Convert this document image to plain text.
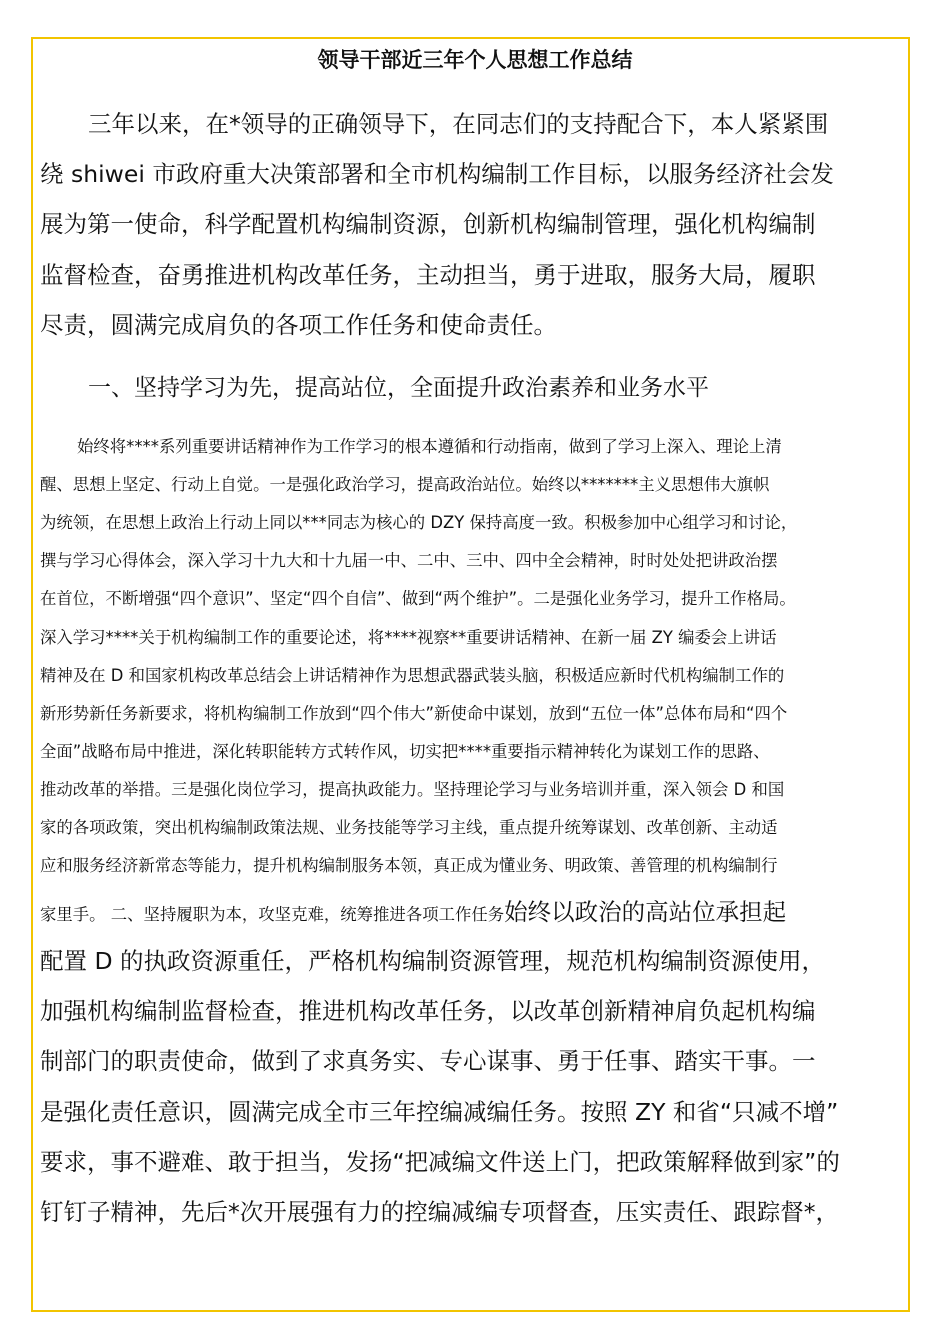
领导干部近三年个人思想工作总结
三年以来，在*领导的正确领导下，在同志们的支持配合下，本人紧紧围
绕 shiwei 市政府重大决策部署和全市机构编制工作目标，以服务经济社会发
展为第一使命，科学配置机构编制资源，创新机构编制管理，强化机构编制
监督检查，奋勇推进机构改革任务，主动担当，勇于进取，服务大局，履职
尽责，圆满完成肩负的各项工作任务和使命责任。
一、坚持学习为先，提高站位，全面提升政治素养和业务水平
始终将****系列重要讲话精神作为工作学习的根本遵循和行动指南，做到了学习上深入、理论上清
醒、思想上坚定、行动上自觉。一是强化政治学习，提高政治站位。始终以*******主义思想伟大旗帜
为统领，在思想上政治上行动上同以***同志为核心的 DZY 保持高度一致。积极参加中心组学习和讨论，
撰与学习心得体会，深入学习十九大和十九届一中、二中、三中、四中全会精神，时时处处把讲政治摆
在首位，不断增强“四个意识”、坚定“四个自信”、做到“两个维护”。二是强化业务学习，提升工作格局。
深入学习****关于机构编制工作的重要论述，将****视察**重要讲话精神、在新一届 ZY 编委会上讲话
精神及在 D 和国家机构改革总结会上讲话精神作为思想武器武装头脑，积极适应新时代机构编制工作的
新形势新任务新要求，将机构编制工作放到“四个伟大”新使命中谋划，放到“五位一体”总体布局和“四个
全面”战略布局中推进，深化转职能转方式转作风，切实把****重要指示精神转化为谋划工作的思路、
推动改革的举措。三是强化岗位学习，提高执政能力。坚持理论学习与业务培训并重，深入领会 D 和国
家的各项政策，突出机构编制政策法规、业务技能等学习主线，重点提升统筹谋划、改革创新、主动适
应和服务经济新常态等能力，提升机构编制服务本领，真正成为懂业务、明政策、善管理的机构编制行
家里手。 二、坚持履职为本，攻坚克难，统筹推进各项工作任务始终以政治的高站位承担起
配置 D 的执政资源重任，严格机构编制资源管理，规范机构编制资源使用，
加强机构编制监督检查，推进机构改革任务，以改革创新精神肩负起机构编
制部门的职责使命，做到了求真务实、专心谋事、勇于任事、踏实干事。一
是强化责任意识，圆满完成全市三年控编减编任务。按照 ZY 和省“只减不增”
要求，事不避难、敢于担当，发扬“把减编文件送上门，把政策解释做到家”的
钉钉子精神，先后*次开展强有力的控编减编专项督查，压实责任、跟踪督*，
